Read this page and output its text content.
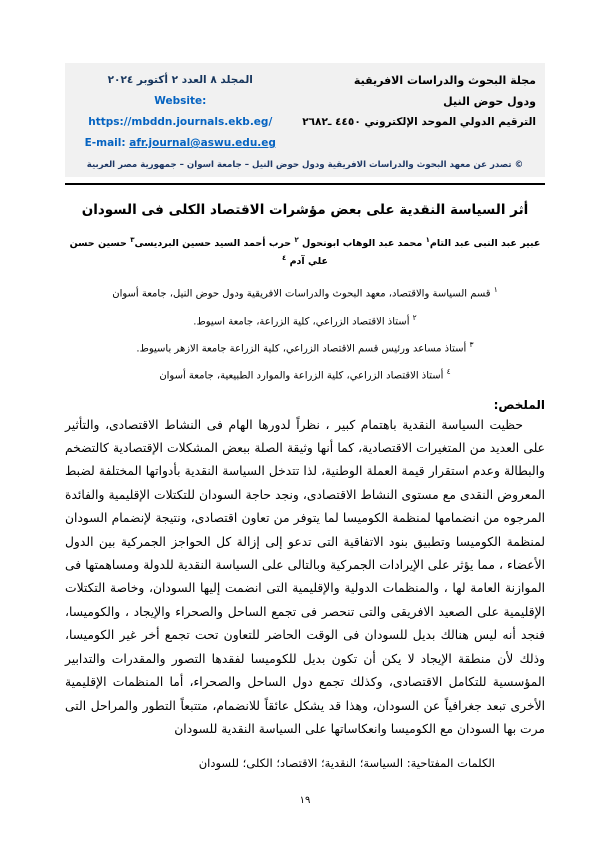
مجلة البحوث والدراسات الافريقية
ودول حوض النيل
الترقيم الدولي الموحد الإلكتروني ٤٤٥٠ ـ٢٦٨٢
المجلد ٨ العدد ٢ أكتوبر ٢٠٢٤
Website: https://mbddn.journals.ekb.eg/
E-mail: afr.journal@aswu.edu.eg
© تصدر عن معهد البحوث والدراسات الافريقية ودول حوض النيل – جامعة اسوان – جمهورية مصر العربية
أثر السياسة النقدية على بعض مؤشرات الاقتصاد الكلى فى السودان
عبير عبد النبى عبد التام$^١$ محمد عبد الوهاب ابونحول $^٢$ حرب أحمد السيد حسين البرديسى$^٣$ حسين حسن علي آدم $^٤$
$^١$ قسم السياسة والاقتصاد، معهد البحوث والدراسات الافريقية ودول حوض النيل، جامعة أسوان
$^٢$ أستاذ الاقتصاد الزراعي، كلية الزراعة، جامعة اسيوط.
$^٣$ أستاذ مساعد ورئيس قسم الاقتصاد الزراعي، كلية الزراعة جامعة الازهر باسيوط.
$^٤$ أستاذ الاقتصاد الزراعي، كلية الزراعة والموارد الطبيعية، جامعة أسوان
الملخص:
حظيت السياسة النقدية باهتمام كبير ، نظراً لدورها الهام فى النشاط الاقتصادى، والتأثير على العديد من المتغيرات الاقتصادية، كما أنها وثيقة الصلة ببعض المشكلات الإقتصادية كالتضخم والبطالة وعدم استقرار قيمة العملة الوطنية، لذا تتدخل السياسة النقدية بأدواتها المختلفة لضبط المعروض النقدى مع مستوى النشاط الاقتصادى، ونجد حاجة السودان للتكتلات الإقليمية والفائدة المرجوه من انضمامها لمنظمة الكوميسا لما يتوفر من تعاون اقتصادى، ونتيجة لإنضمام السودان لمنظمة الكوميسا وتطبيق بنود الاتفاقية التى تدعو إلى إزالة كل الحواجز الجمركية بين الدول الأعضاء ، مما يؤثر على الإيرادات الجمركية وبالتالى على السياسة النقدية للدولة ومساهمتها فى الموازنة العامة لها ، والمنظمات الدولية والإقليمية التى انضمت إليها السودان، وخاصة التكتلات الإقليمية على الصعيد الافريقى والتى تنحصر فى تجمع الساحل والصحراء والإيجاد ، والكوميسا، فنجد أنه ليس هنالك بديل للسودان فى الوقت الحاضر للتعاون تحت تجمع أخر غير الكوميسا، وذلك لأن منطقة الإيجاد لا يكن أن تكون بديل للكوميسا لفقدها التصور والمقدرات والتدابير المؤسسية للتكامل الاقتصادى، وكذلك تجمع دول الساحل والصحراء، أما المنظمات الإقليمية الأخرى تبعد جغرافياً عن السودان، وهذا قد يشكل عائقاً للانضمام، متتبعاً التطور والمراحل التى مرت بها السودان مع الكوميسا وانعكاساتها على السياسة النقدية للسودان
الكلمات المفتاحية: السياسة؛ النقدية؛ الاقتصاد؛ الكلى؛ للسودان
١٩
